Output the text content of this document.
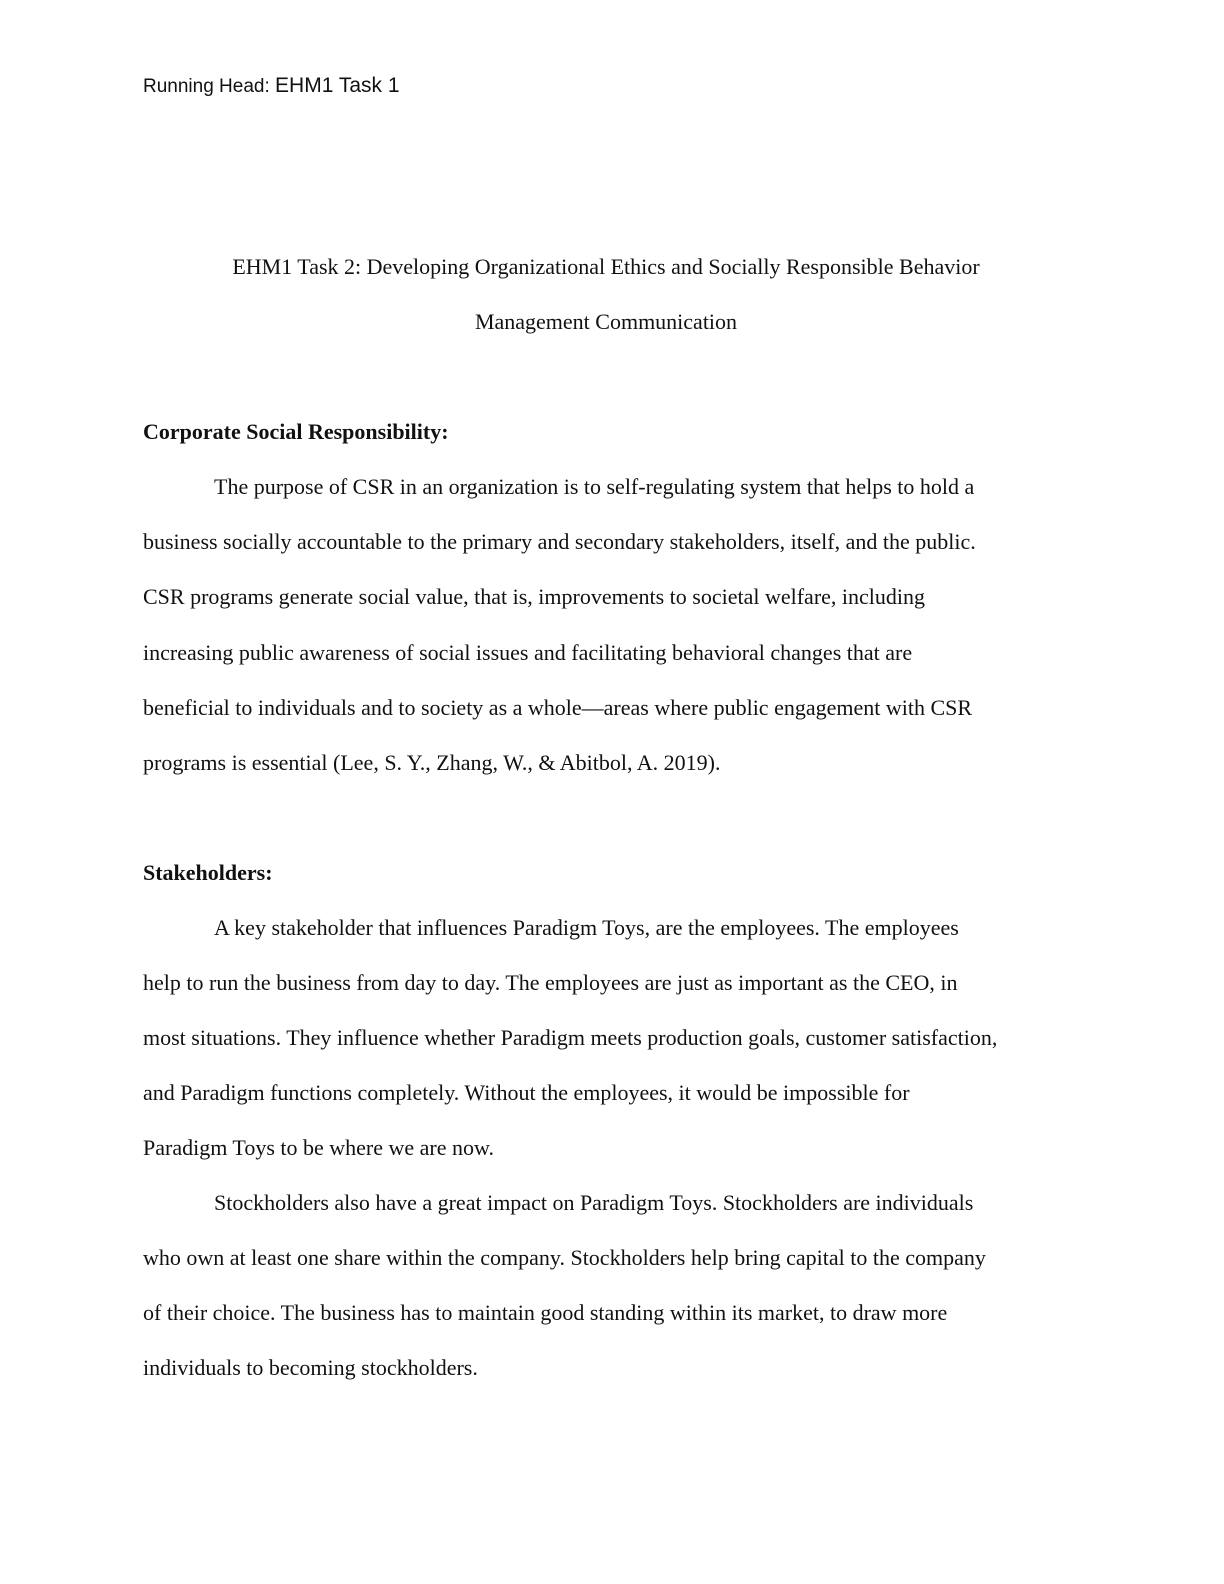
Running Head: EHM1 Task 1
EHM1 Task 2: Developing Organizational Ethics and Socially Responsible Behavior
Management Communication
Corporate Social Responsibility:
The purpose of CSR in an organization is to self-regulating system that helps to hold a
business socially accountable to the primary and secondary stakeholders, itself, and the public.
CSR programs generate social value, that is, improvements to societal welfare, including
increasing public awareness of social issues and facilitating behavioral changes that are
beneficial to individuals and to society as a whole—areas where public engagement with CSR
programs is essential (Lee, S. Y., Zhang, W., & Abitbol, A. 2019).
Stakeholders:
A key stakeholder that influences Paradigm Toys, are the employees. The employees
help to run the business from day to day. The employees are just as important as the CEO, in
most situations. They influence whether Paradigm meets production goals, customer satisfaction,
and Paradigm functions completely. Without the employees, it would be impossible for
Paradigm Toys to be where we are now.
Stockholders also have a great impact on Paradigm Toys. Stockholders are individuals
who own at least one share within the company. Stockholders help bring capital to the company
of their choice. The business has to maintain good standing within its market, to draw more
individuals to becoming stockholders.
